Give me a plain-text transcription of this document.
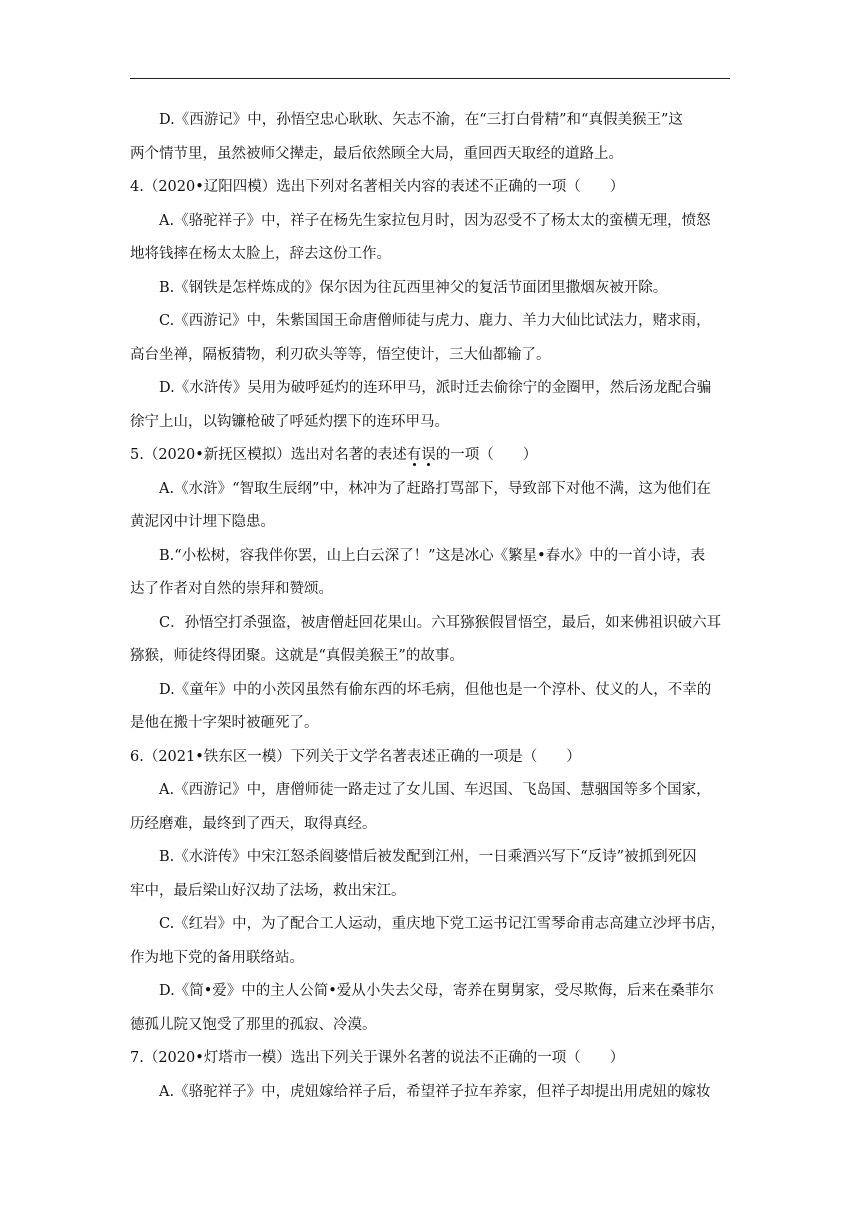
D.《西游记》中，孙悟空忠心耿耿、矢志不渝，在“三打白骨精”和“真假美猴王”这

两个情节里，虽然被师父撵走，最后依然顾全大局，重回西天取经的道路上。

4.（2020•辽阳四模）选出下列对名著相关内容的表述不正确的一项（　　）

A.《骆驼祥子》中，祥子在杨先生家拉包月时，因为忍受不了杨太太的蛮横无理，愤怒

地将钱摔在杨太太脸上，辞去这份工作。

B.《钢铁是怎样炼成的》保尔因为往瓦西里神父的复活节面团里撒烟灰被开除。

C.《西游记》中，朱紫国国王命唐僧师徒与虎力、鹿力、羊力大仙比试法力，赌求雨，

高台坐禅，隔板猜物，利刃砍头等等，悟空使计，三大仙都输了。

D.《水浒传》吴用为破呼延灼的连环甲马，派时迁去偷徐宁的金圈甲，然后汤龙配合骗

徐宁上山，以钩镰枪破了呼延灼摆下的连环甲马。

5.（2020•新抚区模拟）选出对名著的表述有误的一项（　　）

A.《水浒》“智取生辰纲”中，林冲为了赶路打骂部下，导致部下对他不满，这为他们在

黄泥冈中计埋下隐患。

B.“小松树，容我伴你罢，山上白云深了！”这是冰心《繁星•春水》中的一首小诗，表

达了作者对自然的崇拜和赞颂。

C．孙悟空打杀强盗，被唐僧赶回花果山。六耳猕猴假冒悟空，最后，如来佛祖识破六耳

猕猴，师徒终得团聚。这就是“真假美猴王”的故事。

D.《童年》中的小茨冈虽然有偷东西的坏毛病，但他也是一个淳朴、仗义的人，不幸的

是他在搬十字架时被砸死了。

6.（2021•铁东区一模）下列关于文学名著表述正确的一项是（　　）

A.《西游记》中，唐僧师徒一路走过了女儿国、车迟国、飞岛国、慧骃国等多个国家，

历经磨难，最终到了西天，取得真经。

B.《水浒传》中宋江怒杀阎婆惜后被发配到江州，一日乘酒兴写下“反诗”被抓到死囚

牢中，最后梁山好汉劫了法场，救出宋江。

C.《红岩》中，为了配合工人运动，重庆地下党工运书记江雪琴命甫志高建立沙坪书店，

作为地下党的备用联络站。

D.《简•爱》中的主人公简•爱从小失去父母，寄养在舅舅家，受尽欺侮，后来在桑菲尔

德孤儿院又饱受了那里的孤寂、冷漠。

7.（2020•灯塔市一模）选出下列关于课外名著的说法不正确的一项（　　）

A.《骆驼祥子》中，虎妞嫁给祥子后，希望祥子拉车养家，但祥子却提出用虎妞的嫁妆
